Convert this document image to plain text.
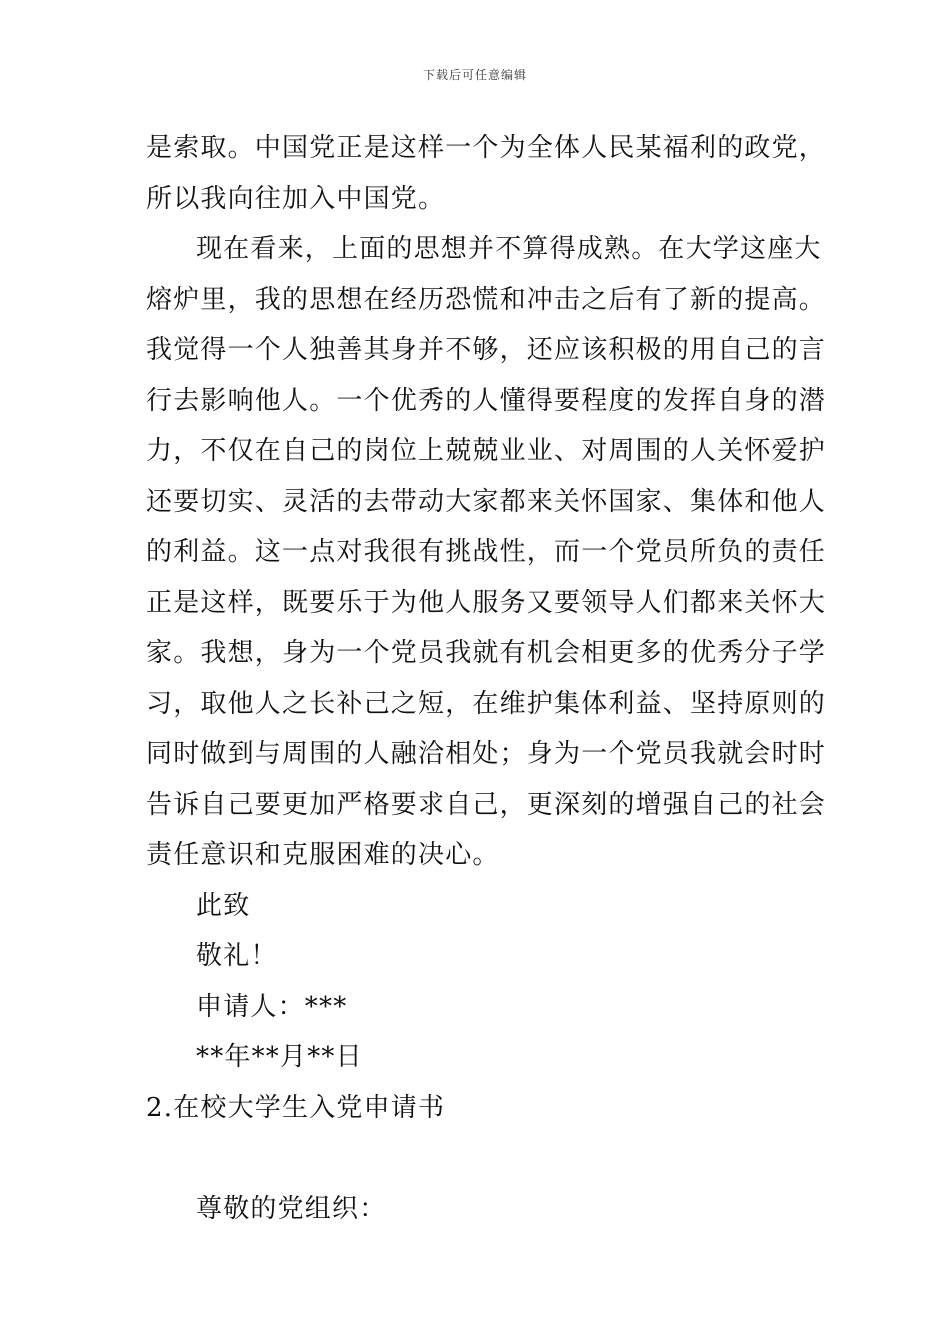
下载后可任意编辑
是索取。中国党正是这样一个为全体人民某福利的政党，
所以我向往加入中国党。
现在看来，上面的思想并不算得成熟。在大学这座大
熔炉里，我的思想在经历恐慌和冲击之后有了新的提高。
我觉得一个人独善其身并不够，还应该积极的用自己的言
行去影响他人。一个优秀的人懂得要程度的发挥自身的潜
力，不仅在自己的岗位上兢兢业业、对周围的人关怀爱护
还要切实、灵活的去带动大家都来关怀国家、集体和他人
的利益。这一点对我很有挑战性，而一个党员所负的责任
正是这样，既要乐于为他人服务又要领导人们都来关怀大
家。我想，身为一个党员我就有机会相更多的优秀分子学
习，取他人之长补己之短，在维护集体利益、坚持原则的
同时做到与周围的人融洽相处；身为一个党员我就会时时
告诉自己要更加严格要求自己，更深刻的增强自己的社会
责任意识和克服困难的决心。
此致
敬礼！
申请人：***
**年**月**日
2.在校大学生入党申请书
尊敬的党组织：
